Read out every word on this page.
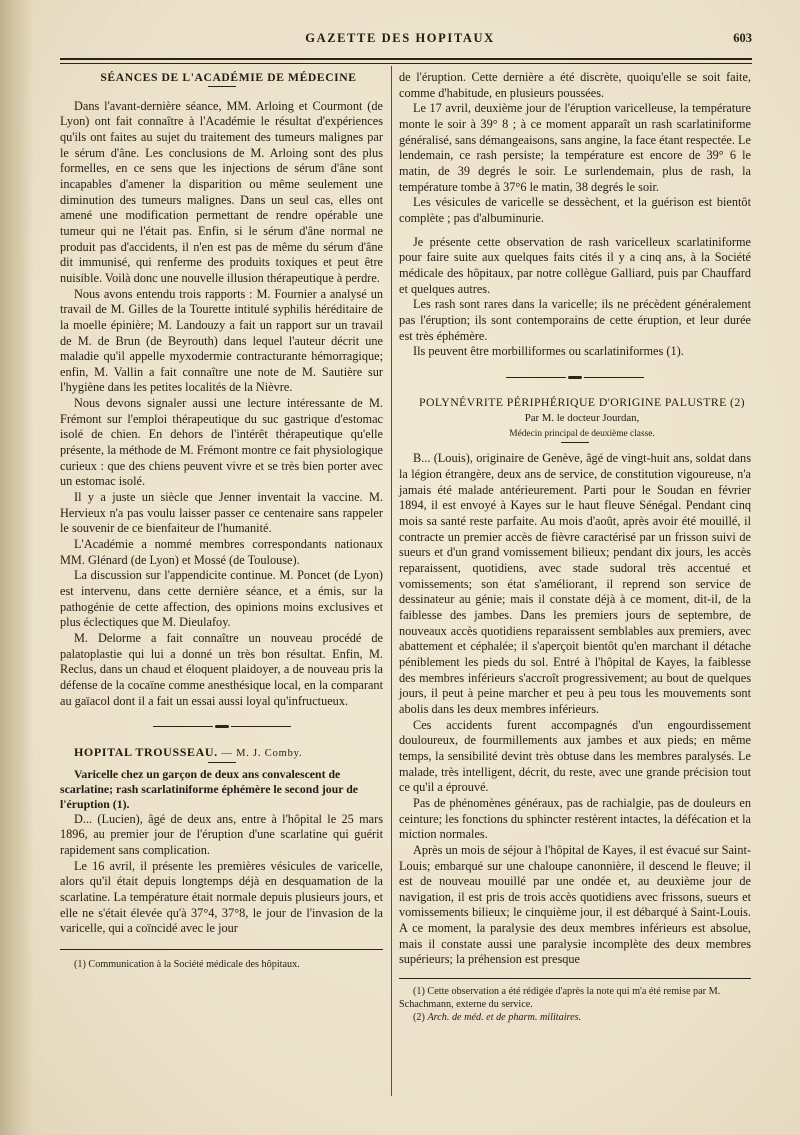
GAZETTE DES HOPITAUX	603

SÉANCES DE L'ACADÉMIE DE MÉDECINE

Dans l'avant-dernière séance, MM. Arloing et Courmont (de Lyon) ont fait connaître à l'Académie le résultat d'expériences qu'ils ont faites au sujet du traitement des tumeurs malignes par le sérum d'âne. Les conclusions de M. Arloing sont des plus formelles, en ce sens que les injections de sérum d'âne sont incapables d'amener la disparition ou même seulement une diminution des tumeurs malignes. Dans un seul cas, elles ont amené une modification permettant de rendre opérable une tumeur qui ne l'était pas. Enfin, si le sérum d'âne normal ne produit pas d'accidents, il n'en est pas de même du sérum d'âne dit immunisé, qui renferme des produits toxiques et peut être nuisible. Voilà donc une nouvelle illusion thérapeutique à perdre.

Nous avons entendu trois rapports : M. Fournier a analysé un travail de M. Gilles de la Tourette intitulé syphilis héréditaire de la moelle épinière; M. Landouzy a fait un rapport sur un travail de M. de Brun (de Beyrouth) dans lequel l'auteur décrit une maladie qu'il appelle myxodermie contracturante hémorragique; enfin, M. Vallin a fait connaître une note de M. Sautière sur l'hygiène dans les petites localités de la Nièvre.

Nous devons signaler aussi une lecture intéressante de M. Frémont sur l'emploi thérapeutique du suc gastrique d'estomac isolé de chien. En dehors de l'intérêt thérapeutique qu'elle présente, la méthode de M. Frémont montre ce fait physiologique curieux : que des chiens peuvent vivre et se très bien porter avec un estomac isolé.

Il y a juste un siècle que Jenner inventait la vaccine. M. Hervieux n'a pas voulu laisser passer ce centenaire sans rappeler le souvenir de ce bienfaiteur de l'humanité.

L'Académie a nommé membres correspondants nationaux MM. Glénard (de Lyon) et Mossé (de Toulouse).

La discussion sur l'appendicite continue. M. Poncet (de Lyon) est intervenu, dans cette dernière séance, et a émis, sur la pathogénie de cette affection, des opinions moins exclusives et plus éclectiques que M. Dieulafoy.

M. Delorme a fait connaître un nouveau procédé de palatoplastie qui lui a donné un très bon résultat. Enfin, M. Reclus, dans un chaud et éloquent plaidoyer, a de nouveau pris la défense de la cocaïne comme anesthésique local, en la comparant au gaïacol dont il a fait un essai aussi loyal qu'infructueux.

HOPITAL TROUSSEAU. — M. J. Comby.

Varicelle chez un garçon de deux ans convalescent de scarlatine; rash scarlatiniforme éphémère le second jour de l'éruption (1).

D... (Lucien), âgé de deux ans, entre à l'hôpital le 25 mars 1896, au premier jour de l'éruption d'une scarlatine qui guérit rapidement sans complication.

Le 16 avril, il présente les premières vésicules de varicelle, alors qu'il était depuis longtemps déjà en desquamation de la scarlatine. La température était normale depuis plusieurs jours, et elle ne s'était élevée qu'à 37°4, 37°8, le jour de l'invasion de la varicelle, qui a coïncidé avec le jour

(1) Communication à la Société médicale des hôpitaux.

de l'éruption. Cette dernière a été discrète, quoiqu'elle se soit faite, comme d'habitude, en plusieurs poussées.

Le 17 avril, deuxième jour de l'éruption varicelleuse, la température monte le soir à 39° 8 ; à ce moment apparaît un rash scarlatiniforme généralisé, sans démangeaisons, sans angine, la face étant respectée. Le lendemain, ce rash persiste; la température est encore de 39° 6 le matin, de 39 degrés le soir. Le surlendemain, plus de rash, la température tombe à 37°6 le matin, 38 degrés le soir.

Les vésicules de varicelle se dessèchent, et la guérison est bientôt complète ; pas d'albuminurie.

Je présente cette observation de rash varicelleux scarlatiniforme pour faire suite aux quelques faits cités il y a cinq ans, à la Société médicale des hôpitaux, par notre collègue Galliard, puis par Chauffard et quelques autres.

Les rash sont rares dans la varicelle; ils ne précèdent généralement pas l'éruption; ils sont contemporains de cette éruption, et leur durée est très éphémère.

Ils peuvent être morbilliformes ou scarlatiniformes (1).

POLYNÉVRITE PÉRIPHÉRIQUE D'ORIGINE PALUSTRE (2)

Par M. le docteur Jourdan,

Médecin principal de deuxième classe.

B... (Louis), originaire de Genève, âgé de vingt-huit ans, soldat dans la légion étrangère, deux ans de service, de constitution vigoureuse, n'a jamais été malade antérieurement. Parti pour le Soudan en février 1894, il est envoyé à Kayes sur le haut fleuve Sénégal. Pendant cinq mois sa santé reste parfaite. Au mois d'août, après avoir été mouillé, il contracte un premier accès de fièvre caractérisé par un frisson suivi de sueurs et d'un grand vomissement bilieux; pendant dix jours, les accès reparaissent, quotidiens, avec stade sudoral très accentué et vomissements; son état s'améliorant, il reprend son service de dessinateur au génie; mais il constate déjà à ce moment, dit-il, de la faiblesse des jambes. Dans les premiers jours de septembre, de nouveaux accès quotidiens reparaissent semblables aux premiers, avec abattement et céphalée; il s'aperçoit bientôt qu'en marchant il détache péniblement les pieds du sol. Entré à l'hôpital de Kayes, la faiblesse des membres inférieurs s'accroît progressivement; au bout de quelques jours, il peut à peine marcher et peu à peu tous les mouvements sont abolis dans les deux membres inférieurs.

Ces accidents furent accompagnés d'un engourdissement douloureux, de fourmillements aux jambes et aux pieds; en même temps, la sensibilité devint très obtuse dans les membres paralysés. Le malade, très intelligent, décrit, du reste, avec une grande précision tout ce qu'il a éprouvé.

Pas de phénomènes généraux, pas de rachialgie, pas de douleurs en ceinture; les fonctions du sphincter restèrent intactes, la défécation et la miction normales.

Après un mois de séjour à l'hôpital de Kayes, il est évacué sur Saint-Louis; embarqué sur une chaloupe canonnière, il descend le fleuve; il est de nouveau mouillé par une ondée et, au deuxième jour de navigation, il est pris de trois accès quotidiens avec frissons, sueurs et vomissements bilieux; le cinquième jour, il est débarqué à Saint-Louis. A ce moment, la paralysie des deux membres inférieurs est absolue, mais il constate aussi une paralysie incomplète des deux membres supérieurs; la préhension est presque

(1) Cette observation a été rédigée d'après la note qui m'a été remise par M. Schachmann, externe du service.

(2) Arch. de méd. et de pharm. militaires.
